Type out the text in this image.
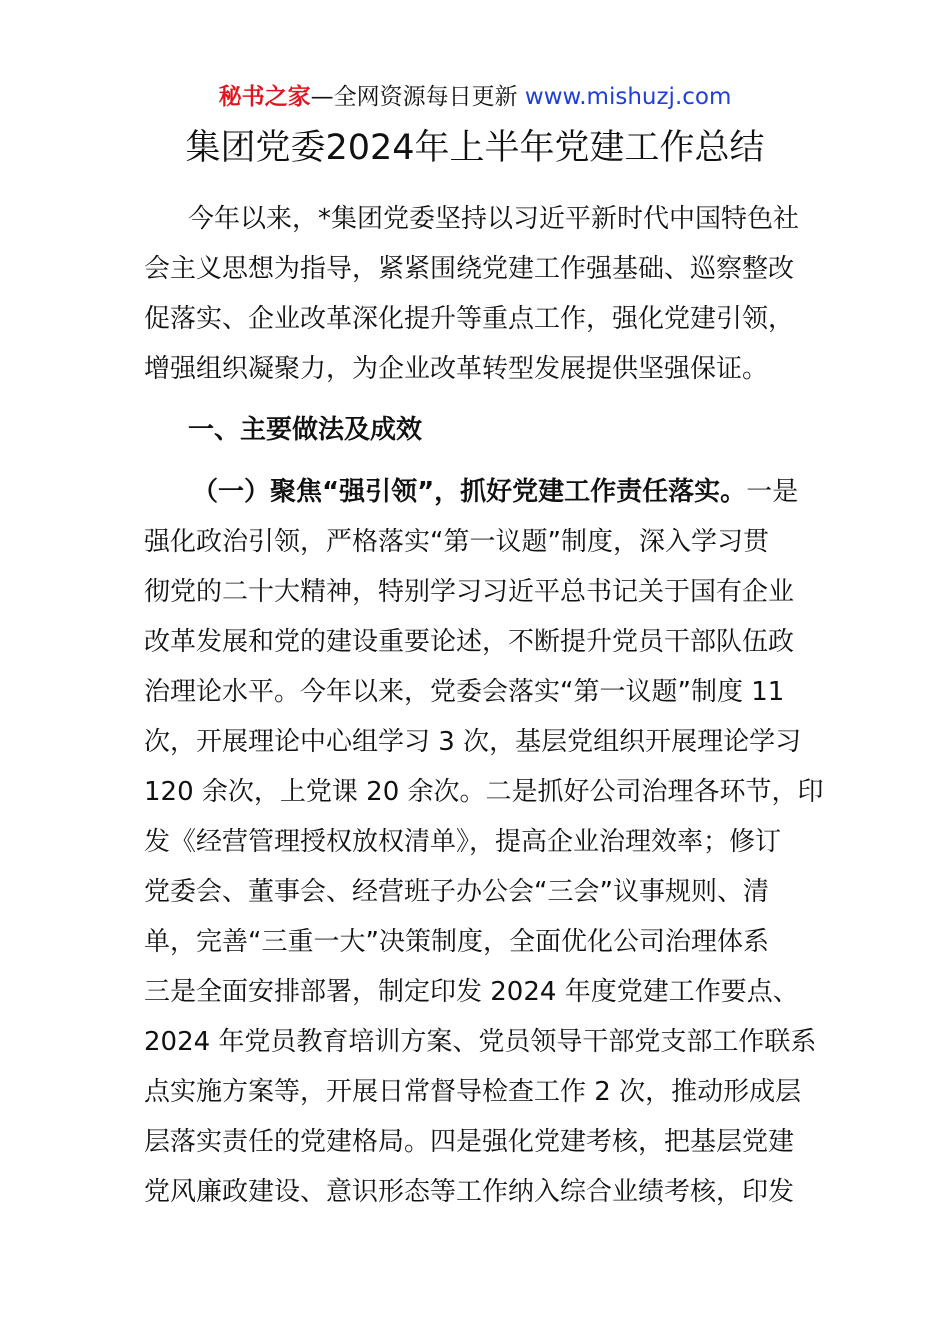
秘书之家—全网资源每日更新 www.mishuzj.com
集团党委2024年上半年党建工作总结
今年以来，*集团党委坚持以习近平新时代中国特色社
会主义思想为指导，紧紧围绕党建工作强基础、巡察整改
促落实、企业改革深化提升等重点工作，强化党建引领，
增强组织凝聚力，为企业改革转型发展提供坚强保证。
一、主要做法及成效
（一）聚焦“强引领”，抓好党建工作责任落实。一是
强化政治引领，严格落实“第一议题”制度，深入学习贯
彻党的二十大精神，特别学习习近平总书记关于国有企业
改革发展和党的建设重要论述，不断提升党员干部队伍政
治理论水平。今年以来，党委会落实“第一议题”制度 11
次，开展理论中心组学习 3 次，基层党组织开展理论学习
120 余次，上党课 20 余次。二是抓好公司治理各环节，印
发《经营管理授权放权清单》，提高企业治理效率；修订
党委会、董事会、经营班子办公会“三会”议事规则、清
单，完善“三重一大”决策制度，全面优化公司治理体系
三是全面安排部署，制定印发 2024 年度党建工作要点、
2024 年党员教育培训方案、党员领导干部党支部工作联系
点实施方案等，开展日常督导检查工作 2 次，推动形成层
层落实责任的党建格局。四是强化党建考核，把基层党建
党风廉政建设、意识形态等工作纳入综合业绩考核，印发
